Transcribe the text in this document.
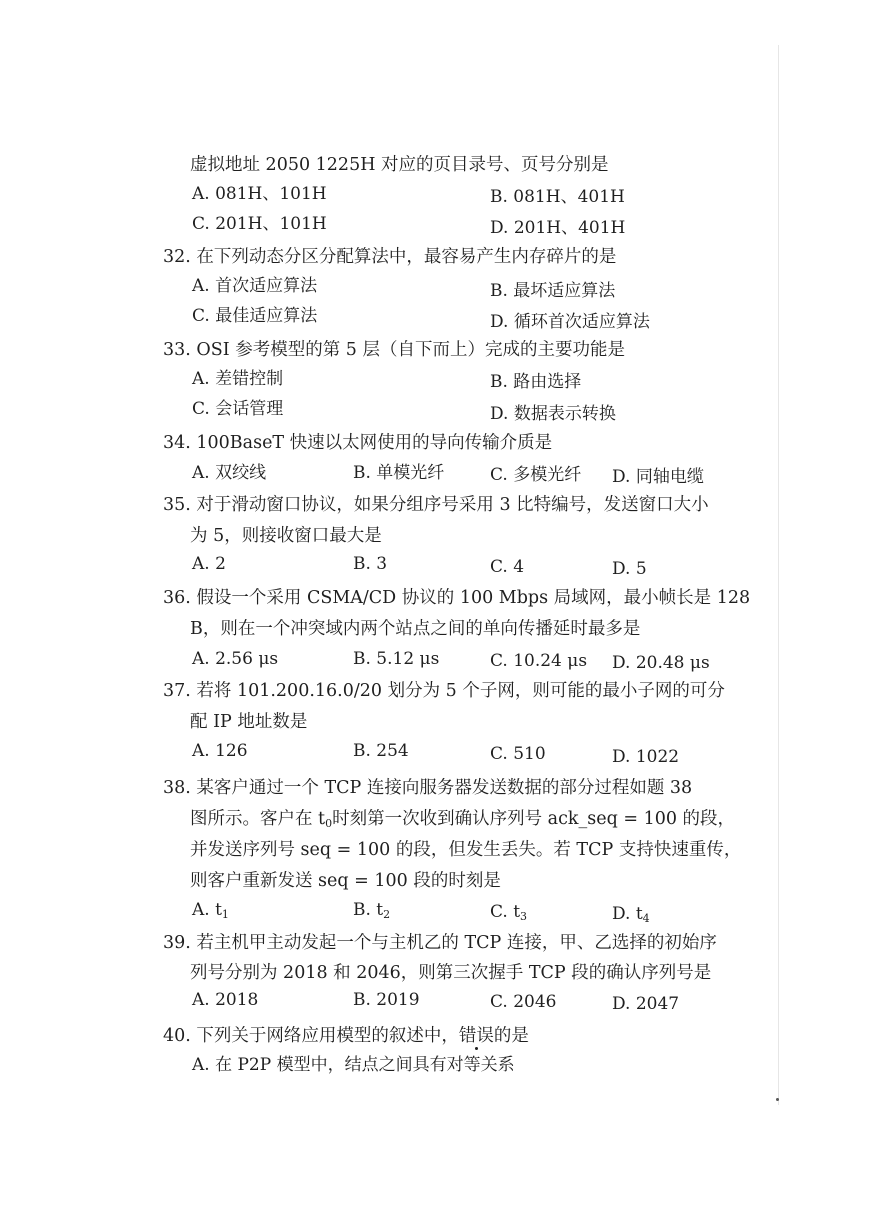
虚拟地址 2050 1225H 对应的页目录号、页号分别是
A. 081H、101H	B. 081H、401H
C. 201H、101H	D. 201H、401H
32. 在下列动态分区分配算法中，最容易产生内存碎片的是
A. 首次适应算法	B. 最坏适应算法
C. 最佳适应算法	D. 循环首次适应算法
33. OSI 参考模型的第 5 层（自下而上）完成的主要功能是
A. 差错控制	B. 路由选择
C. 会话管理	D. 数据表示转换
34. 100BaseT 快速以太网使用的导向传输介质是
A. 双绞线	B. 单模光纤	C. 多模光纤 D. 同轴电缆
35. 对于滑动窗口协议，如果分组序号采用 3 比特编号，发送窗口大小
为 5，则接收窗口最大是
A. 2	B. 3	C. 4	D. 5
36. 假设一个采用 CSMA/CD 协议的 100 Mbps 局域网，最小帧长是 128
B，则在一个冲突域内两个站点之间的单向传播延时最多是
A. 2.56 μs	B. 5.12 μs	C. 10.24 μs D. 20.48 μs
37. 若将 101.200.16.0/20 划分为 5 个子网，则可能的最小子网的可分
配 IP 地址数是
A. 126	B. 254	C. 510	D. 1022
38. 某客户通过一个 TCP 连接向服务器发送数据的部分过程如题 38
图所示。客户在 $t_0$时刻第一次收到确认序列号 ack_seq = 100 的段，
并发送序列号 seq = 100 的段，但发生丢失。若 TCP 支持快速重传，
则客户重新发送 seq = 100 段的时刻是
A. $t_1$	B. $t_2$	C. $t_3$	D. $t_4$
39. 若主机甲主动发起一个与主机乙的 TCP 连接，甲、乙选择的初始序
列号分别为 2018 和 2046，则第三次握手 TCP 段的确认序列号是
A. 2018	B. 2019	C. 2046	D. 2047
40. 下列关于网络应用模型的叙述中，错误的是
A. 在 P2P 模型中，结点之间具有对等关系
